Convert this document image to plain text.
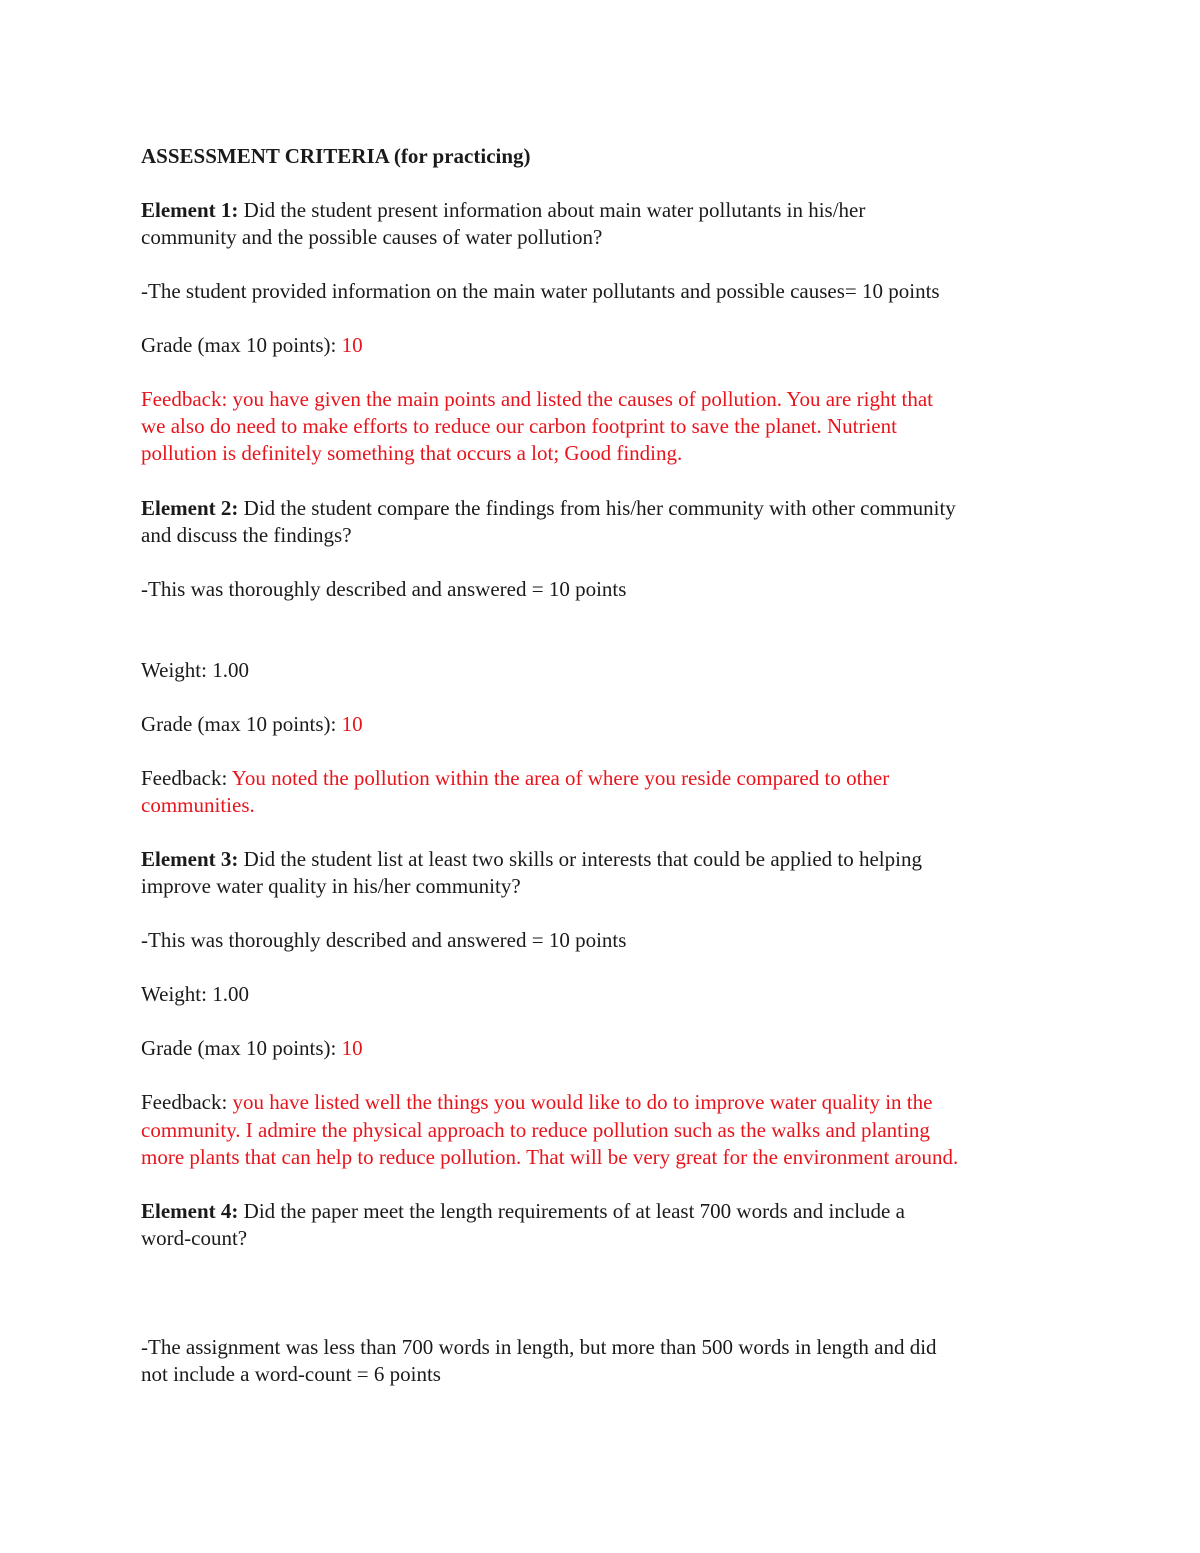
ASSESSMENT CRITERIA (for practicing)
Element 1: Did the student present information about main water pollutants in his/her
community and the possible causes of water pollution?
-The student provided information on the main water pollutants and possible causes= 10 points
Grade (max 10 points): 10
Feedback: you have given the main points and listed the causes of pollution. You are right that
we also do need to make efforts to reduce our carbon footprint to save the planet. Nutrient
pollution is definitely something that occurs a lot; Good finding.
Element 2: Did the student compare the findings from his/her community with other community
and discuss the findings?
-This was thoroughly described and answered = 10 points
Weight: 1.00
Grade (max 10 points): 10
Feedback: You noted the pollution within the area of where you reside compared to other
communities.
Element 3: Did the student list at least two skills or interests that could be applied to helping
improve water quality in his/her community?
-This was thoroughly described and answered = 10 points
Weight: 1.00
Grade (max 10 points): 10
Feedback: you have listed well the things you would like to do to improve water quality in the
community. I admire the physical approach to reduce pollution such as the walks and planting
more plants that can help to reduce pollution. That will be very great for the environment around.
Element 4: Did the paper meet the length requirements of at least 700 words and include a
word-count?
-The assignment was less than 700 words in length, but more than 500 words in length and did
not include a word-count = 6 points
